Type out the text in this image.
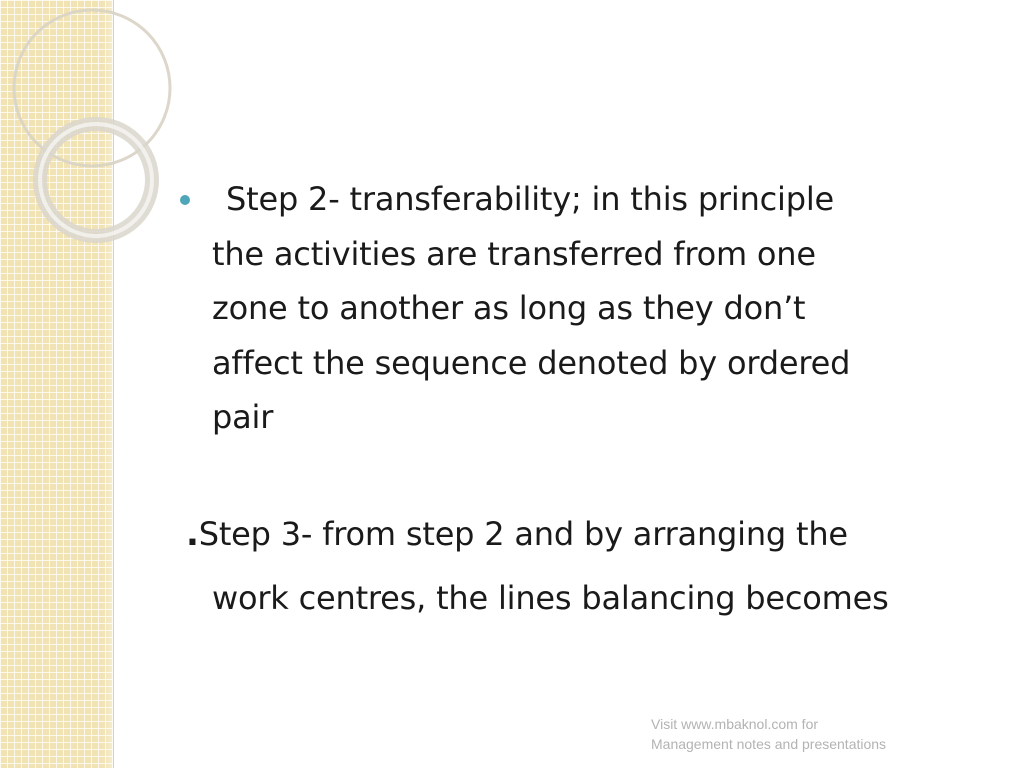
Step 2- transferability; in this principle
the activities are transferred from one
zone to another as long as they don’t
affect the sequence denoted by ordered
pair

.Step 3- from step 2 and by arranging the
work centres, the lines balancing becomes

Visit www.mbaknol.com for
Management notes and presentations
